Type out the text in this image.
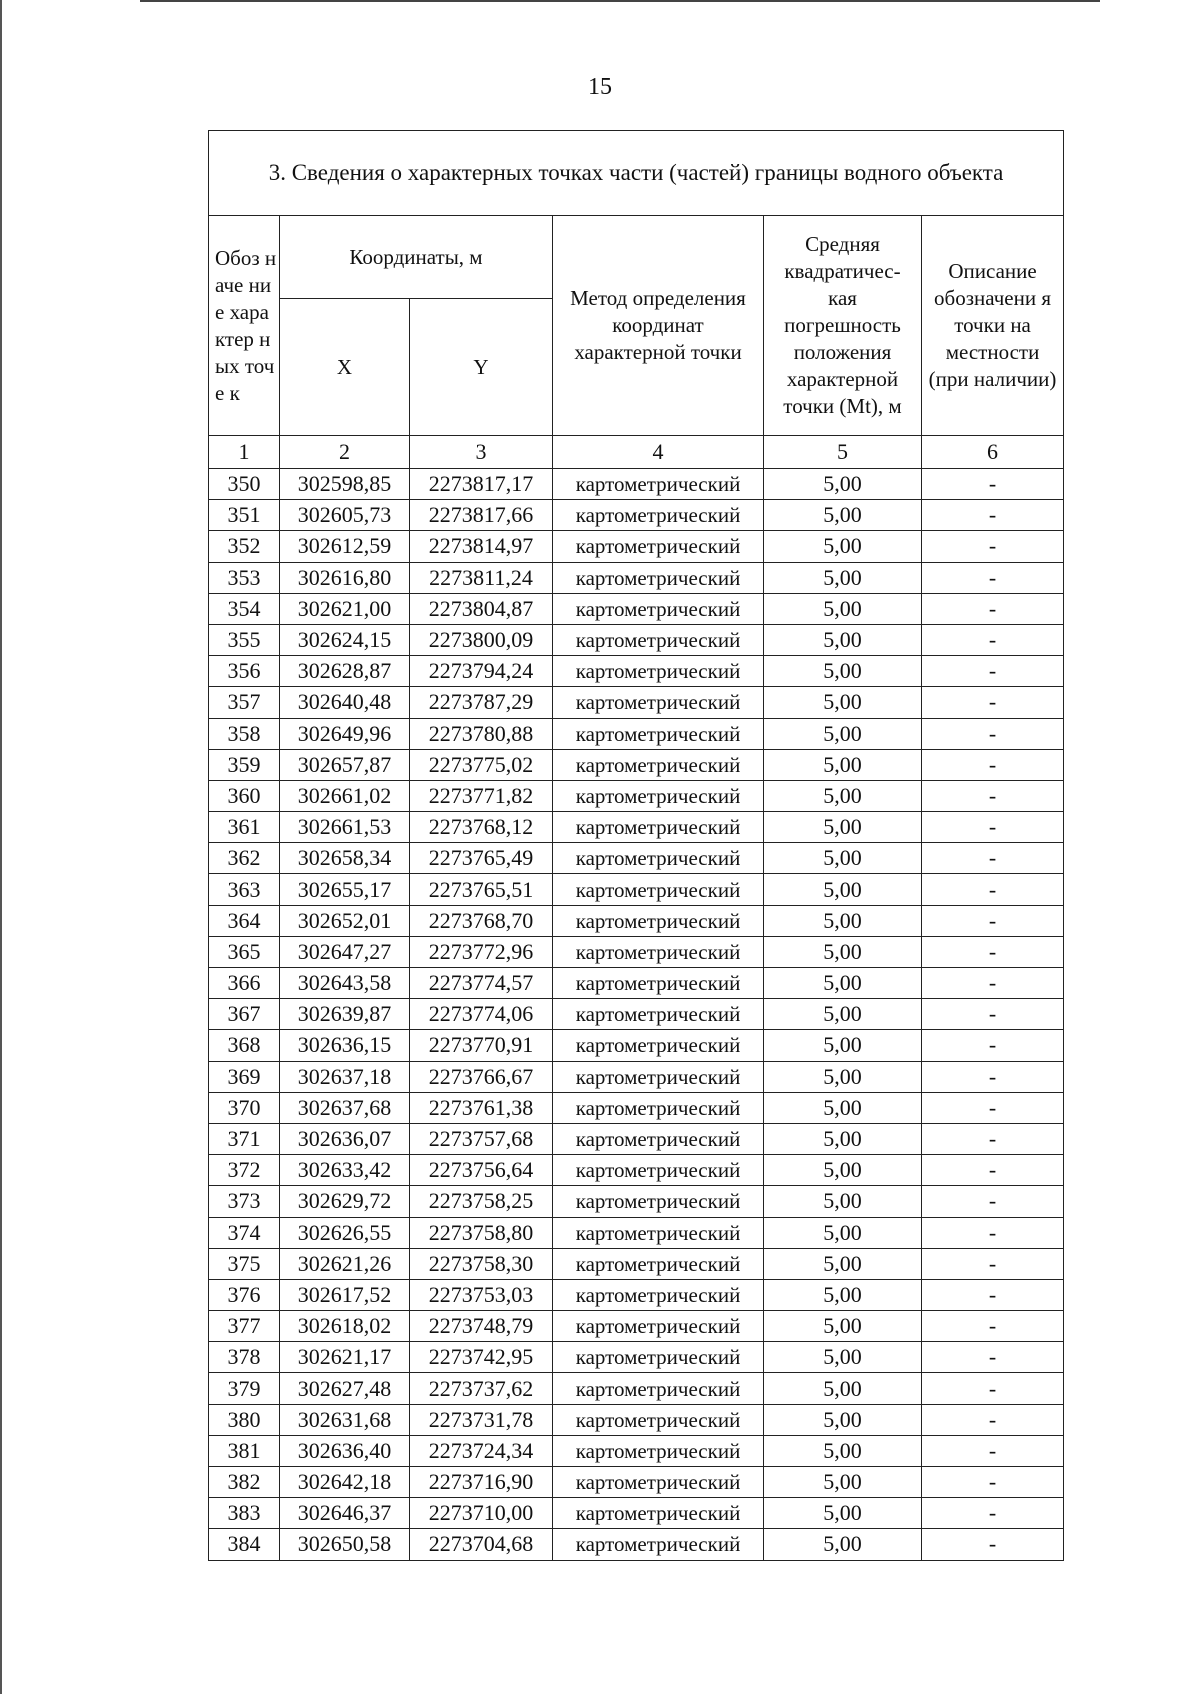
15
3. Сведения о характерных точках части (частей) границы водного объекта					
Обоз наче ние хара ктер ных точе к	Координаты, м		Метод определения координат характерной точки	Средняя квадратичес- кая погрешность положения характерной точки (Mt), м	Описание обозначени я точки на местности (при наличии)
	X	Y			
1	2	3	4	5	6
350	302598,85	2273817,17	картометрический	5,00	-
351	302605,73	2273817,66	картометрический	5,00	-
352	302612,59	2273814,97	картометрический	5,00	-
353	302616,80	2273811,24	картометрический	5,00	-
354	302621,00	2273804,87	картометрический	5,00	-
355	302624,15	2273800,09	картометрический	5,00	-
356	302628,87	2273794,24	картометрический	5,00	-
357	302640,48	2273787,29	картометрический	5,00	-
358	302649,96	2273780,88	картометрический	5,00	-
359	302657,87	2273775,02	картометрический	5,00	-
360	302661,02	2273771,82	картометрический	5,00	-
361	302661,53	2273768,12	картометрический	5,00	-
362	302658,34	2273765,49	картометрический	5,00	-
363	302655,17	2273765,51	картометрический	5,00	-
364	302652,01	2273768,70	картометрический	5,00	-
365	302647,27	2273772,96	картометрический	5,00	-
366	302643,58	2273774,57	картометрический	5,00	-
367	302639,87	2273774,06	картометрический	5,00	-
368	302636,15	2273770,91	картометрический	5,00	-
369	302637,18	2273766,67	картометрический	5,00	-
370	302637,68	2273761,38	картометрический	5,00	-
371	302636,07	2273757,68	картометрический	5,00	-
372	302633,42	2273756,64	картометрический	5,00	-
373	302629,72	2273758,25	картометрический	5,00	-
374	302626,55	2273758,80	картометрический	5,00	-
375	302621,26	2273758,30	картометрический	5,00	-
376	302617,52	2273753,03	картометрический	5,00	-
377	302618,02	2273748,79	картометрический	5,00	-
378	302621,17	2273742,95	картометрический	5,00	-
379	302627,48	2273737,62	картометрический	5,00	-
380	302631,68	2273731,78	картометрический	5,00	-
381	302636,40	2273724,34	картометрический	5,00	-
382	302642,18	2273716,90	картометрический	5,00	-
383	302646,37	2273710,00	картометрический	5,00	-
384	302650,58	2273704,68	картометрический	5,00	-
